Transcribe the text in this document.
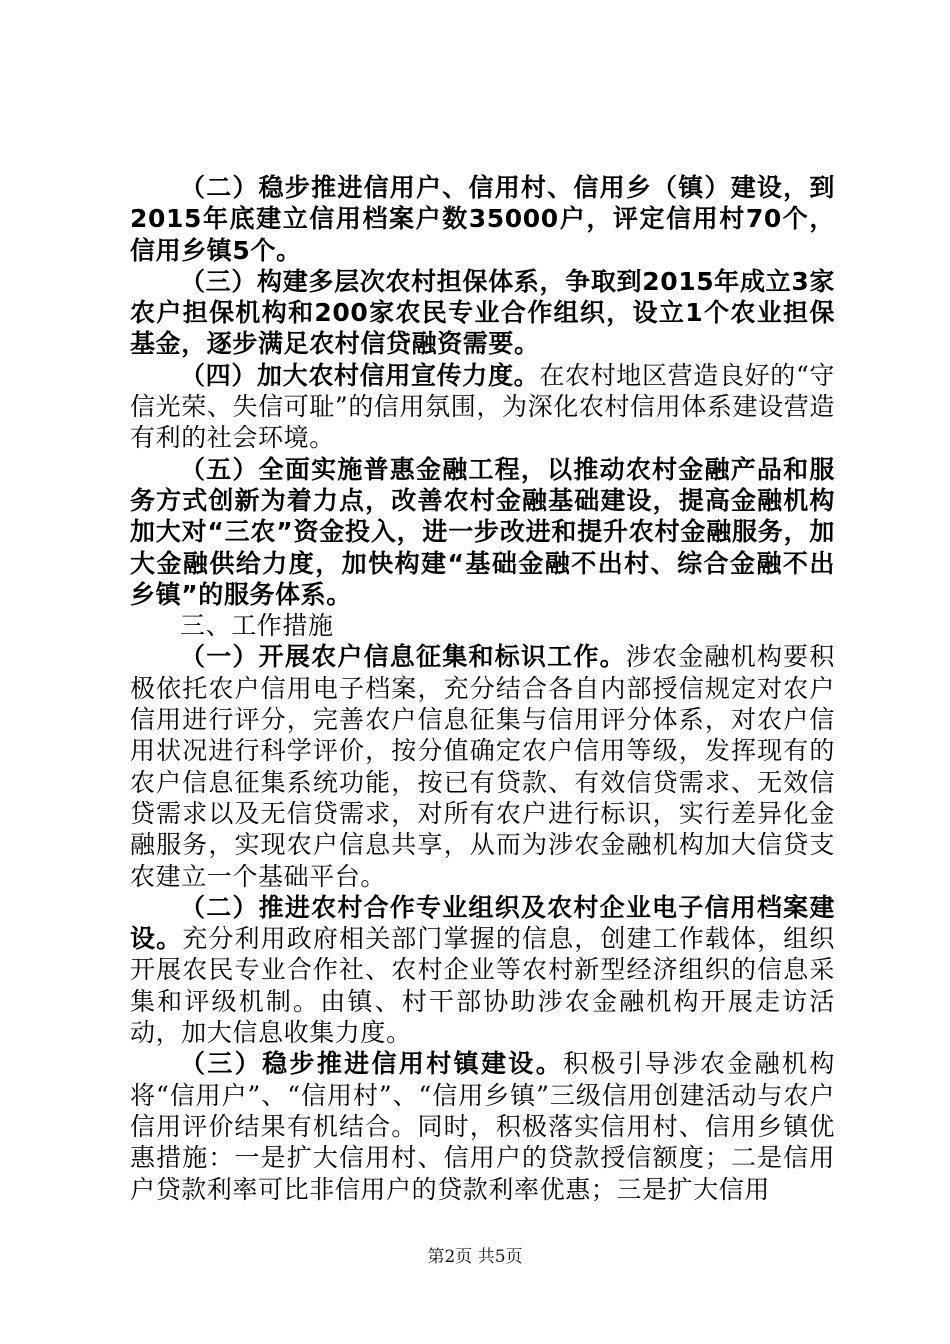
（二）稳步推进信用户、信用村、信用乡（镇）建设，到2015年底建立信用档案户数35000户，评定信用村70个，信用乡镇5个。

（三）构建多层次农村担保体系，争取到2015年成立3家农户担保机构和200家农民专业合作组织，设立1个农业担保基金，逐步满足农村信贷融资需要。

（四）加大农村信用宣传力度。在农村地区营造良好的“守信光荣、失信可耻”的信用氛围，为深化农村信用体系建设营造有利的社会环境。

（五）全面实施普惠金融工程，以推动农村金融产品和服务方式创新为着力点，改善农村金融基础建设，提高金融机构加大对“三农”资金投入，进一步改进和提升农村金融服务，加大金融供给力度，加快构建“基础金融不出村、综合金融不出乡镇”的服务体系。

三、工作措施

（一）开展农户信息征集和标识工作。涉农金融机构要积极依托农户信用电子档案，充分结合各自内部授信规定对农户信用进行评分，完善农户信息征集与信用评分体系，对农户信用状况进行科学评价，按分值确定农户信用等级，发挥现有的农户信息征集系统功能，按已有贷款、有效信贷需求、无效信贷需求以及无信贷需求，对所有农户进行标识，实行差异化金融服务，实现农户信息共享，从而为涉农金融机构加大信贷支农建立一个基础平台。

（二）推进农村合作专业组织及农村企业电子信用档案建设。充分利用政府相关部门掌握的信息，创建工作载体，组织开展农民专业合作社、农村企业等农村新型经济组织的信息采集和评级机制。由镇、村干部协助涉农金融机构开展走访活动，加大信息收集力度。

（三）稳步推进信用村镇建设。积极引导涉农金融机构将“信用户”、“信用村”、“信用乡镇”三级信用创建活动与农户信用评价结果有机结合。同时，积极落实信用村、信用乡镇优惠措施：一是扩大信用村、信用户的贷款授信额度；二是信用户贷款利率可比非信用户的贷款利率优惠；三是扩大信用

第2页 共5页
